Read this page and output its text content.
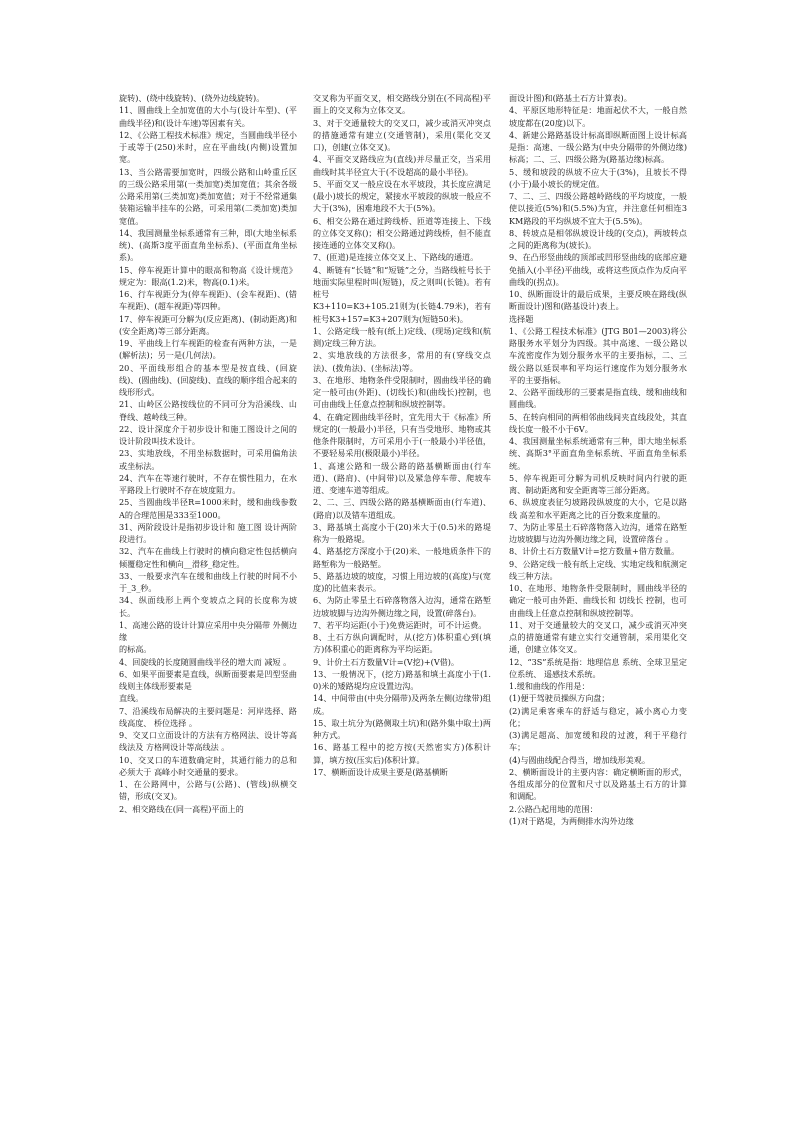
旋转)、(绕中线旋转)、(绕外边线旋转)。

11、圆曲线上全加宽值的大小与(设计车型)、(平曲线半径)和(设计车速)等因素有关。

12、《公路工程技术标准》规定，当圆曲线半径小于或等于(250)米时，应在平曲线(内侧)设置加宽。

13、当公路需要加宽时，四级公路和山岭重丘区的三级公路采用第(一类加宽)类加宽值；其余各级公路采用第(三类加宽)类加宽值；对于不经常通集装箱运输半挂车的公路，可采用第(二类加宽)类加宽值。

14、我国测量坐标系通常有三种，即(大地坐标系统)、(高斯3度平面直角坐标系)、(平面直角坐标系)。

15、停车视距计算中的眼高和物高《设计规范》规定为：眼高(1.2)米，物高(0.1)米。

16、行车视距分为(停车视距)、(会车视距)、(错车视距)、(超车视距)等四种。

17、停车视距可分解为(反应距离)、(制动距离)和(安全距离)等三部分距离。

19、平曲线上行车视距的检查有两种方法，一是(解析法)；另一是(几何法)。

20、平面线形组合的基本型是按直线、(回旋线)、(圆曲线)、(回旋线)、直线的顺序组合起来的线形形式。

21、山岭区公路按线位的不同可分为沿溪线、山脊线、越岭线三种。

22、设计深度介于初步设计和施工图设计之间的设计阶段叫技术设计。

23、实地放线，不用坐标数据时，可采用偏角法或坐标法。

24、汽车在等速行驶时，不存在惯性阻力，在水平路段上行驶时不存在坡度阻力。

25、当圆曲线半径R=1000米时，缓和曲线参数A的合理范围是333至1000。

31、两阶段设计是指初步设计和 施工图 设计两阶段进行。

32、汽车在曲线上行驶时的横向稳定性包括横向倾覆稳定性和横向__滑移_稳定性。

33、一般要求汽车在缓和曲线上行驶的时间不小于_3_秒。

34、纵面线形上两个变坡点之间的长度称为坡长。

1、高速公路的设计计算应采用中央分隔带 外侧边缘

的标高。

4、回旋线的长度随圆曲线半径的增大而 减短 。

6、如果平面要素是直线，纵断面要素是凹型竖曲线则主体线形要素是

直线。

7、沿溪线布局解决的主要问题是：河岸选择、路线高度、 桥位选择 。

9、交叉口立面设计的方法有方格网法、设计等高线法及 方格网设计等高线法 。

10、交叉口的车道数确定时，其通行能力的总和必须大于 高峰小时交通量的要求。

1、在公路网中，公路与(公路)、(管线)纵横交错，形成(交叉)。

2、相交路线在(同一高程)平面上的

交叉称为平面交叉，相交路线分别在(不同高程)平面上的交叉称为立体交叉。

3、对于交通量较大的交叉口，减少或消灭冲突点的措施通常有建立(交通管制)，采用(渠化交叉口)，创建(立体交叉)。

4、平面交叉路线应为(直线)并尽量正交，当采用曲线时其半径宜大于(不设超高的最小半径)。

5、平面交叉一般应设在水平坡段，其长度应满足(最小)坡长的规定，紧接水平坡段的纵坡一般应不大于(3%)，困难地段不大于(5%)。

6、相交公路在通过跨线桥、匝道等连接上、下线的立体交叉称()；相交公路通过跨线桥，但不能直接连通的立体交叉称()。

7、(匝道)是连接立体交叉上、下路线的通道。

4、断链有“长链”和“短链”之分，当路线桩号长于地面实际里程时叫(短链)，反之则叫(长链)。若有桩号

K3+110=K3+105.21则为(长链4.79米)，若有桩号K3+157=K3+207则为(短链50米)。

1、公路定线一般有(纸上)定线、(现场)定线和(航测)定线三种方法。

2、实地放线的方法很多，常用的有(穿线交点法)、(拨角法)、(坐标法)等。

3、在地形、地物条件受限制时，圆曲线半径的确定一般可由(外距)、(切线长)和(曲线长)控制，也可由曲线上任意点控制和纵坡控制等。

4、在确定圆曲线半径时，宜先用大于《标准》所规定的(一般最小)半径，只有当受地形、地物或其他条件限制时，方可采用小于(一般最小)半径值，不要轻易采用(极限最小)半径。

1、高速公路和一级公路的路基横断面由(行车道)、(路肩)、(中间带)以及紧急停车带、爬坡车道、变速车道等组成。

2、二、三、四级公路的路基横断面由(行车道)、(路肩)以及错车道组成。

3、路基填土高度小于(20)米大于(0.5)米的路堤称为一般路堤。

4、路基挖方深度小于(20)米、一般地质条件下的路堑称为一般路堑。

5、路基边坡的坡度，习惯上用边坡的(高度)与(宽度)的比值来表示。

6、为防止零星土石碎落物落入边沟，通常在路堑边坡坡脚与边沟外侧边缘之间，设置(碎落台)。

7、若平均运距(小于)免费运距时，可不计运费。

8、土石方纵向调配时，从(挖方)体积重心到(填方)体积重心的距离称为平均运距。

9、计价土石方数量V计=(V挖)+(V借)。

13、一般情况下，(挖方)路基和填土高度小于(1.0)米的矮路堤均应设置边沟。

14、中间带由(中央分隔带)及两条左侧(边缘带)组成。

15、取土坑分为(路侧取土坑)和(路外集中取土)两种方式。

16、路基工程中的挖方按(天然密实方)体积计算，填方按(压实后)体积计算。

17、横断面设计成果主要是(路基横断

面设计图)和(路基土石方计算表)。

4、平原区地形特征是：地面起伏不大，一般自然坡度都在(20度)以下。

4、新建公路路基设计标高即纵断面图上设计标高是指：高速、一级公路为(中央分隔带的外侧边缘)标高；二、三、四级公路为(路基边缘)标高。

5、缓和坡段的纵坡不应大于(3%)，且坡长不得(小于)最小坡长的规定值。

7、二、三、四级公路越岭路线的平均坡度，一般使以接近(5%)和(5.5%)为宜，并注意任何相连3KM路段的平均纵坡不宜大于(5.5%)。

8、转坡点是相邻纵坡设计线的(交点)，两坡转点之间的距离称为(坡长)。

9、在凸形竖曲线的顶部或凹形竖曲线的底部应避免插入(小半径)平曲线，或将这些顶点作为反向平曲线的(拐点)。

10、纵断面设计的最后成果，主要反映在路线(纵断面设计)图和(路基设计)表上。

选择题

1、《公路工程技术标准》(JTG B01—2003)将公路服务水平划分为四级。其中高速、一级公路以车流密度作为划分服务水平的主要指标，二、三级公路以延误率和平均运行速度作为划分服务水平的主要指标。

2、公路平面线形的三要素是指直线、缓和曲线和圆曲线。

5、在转向相同的两相邻曲线间夹直线段处，其直线长度一般不小于6V。

4、我国测量坐标系统通常有三种，即大地坐标系统、高斯3°平面直角坐标系统、平面直角坐标系统。

5、停车视距可分解为司机反映时间内行驶的距离、制动距离和安全距离等三部分距离。

6、纵坡度表征匀坡路段纵坡度的大小，它是以路线 高差和水平距离之比的百分数来度量的。

7、为防止零星土石碎落物落入边沟，通常在路堑边坡坡脚与边沟外侧边缘之间，设置碎落台 。

8、计价土石方数量V计=挖方数量+借方数量。

9、公路定线一般有纸上定线、实地定线和航测定线三种方法。

10、在地形、地物条件受限制时，圆曲线半径的确定一般可由外距、曲线长和 切线长 控制，也可由曲线上任意点控制和纵坡控制等。

11、对于交通量较大的交叉口，减少或消灭冲突点的措施通常有建立实行交通管制，采用渠化交通，创建立体交叉。

12、“3S”系统是指：地理信息 系统、全球卫星定位系统、 遥感技术系统。

1.缓和曲线的作用是：

(1)便于驾驶员操纵方向盘；

(2)满足乘客乘车的舒适与稳定，减小离心力变化；

(3)满足超高、加宽缓和段的过渡，利于平稳行车；

(4)与圆曲线配合得当，增加线形美观。

2、横断面设计的主要内容：确定横断面的形式，各组成部分的位置和尺寸以及路基土石方的计算和调配。

2.公路凸起用地的范围：

(1)对于路堤，为两侧排水沟外边缘
